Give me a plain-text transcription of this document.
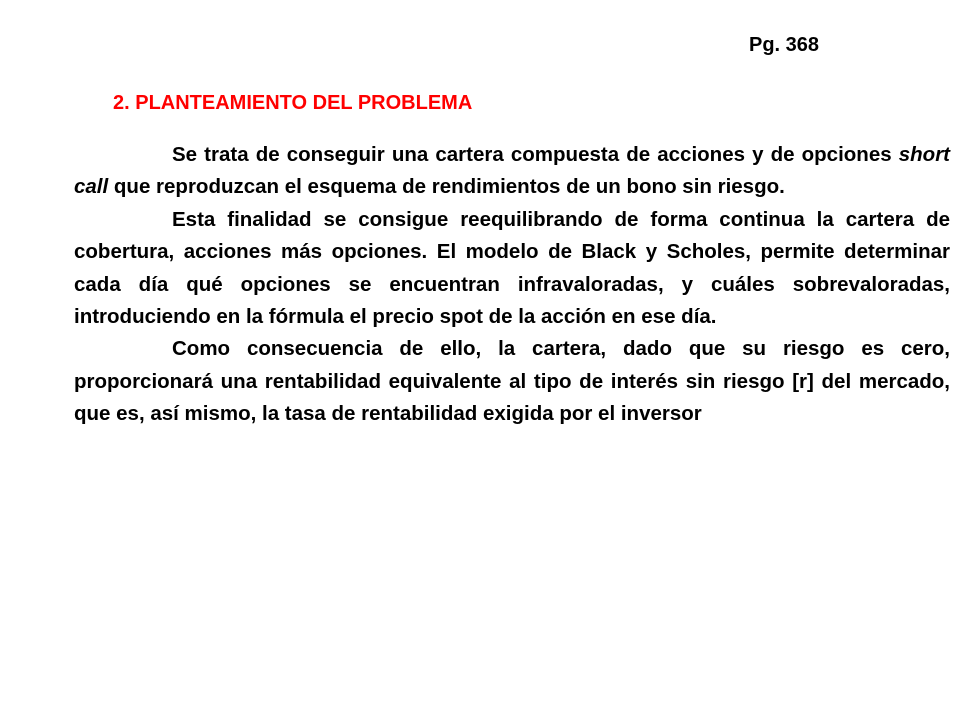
Pg. 368
2. PLANTEAMIENTO DEL PROBLEMA

Se trata de conseguir una cartera compuesta de acciones y de opciones short call que reproduzcan el esquema de rendimientos de un bono sin riesgo.

Esta finalidad se consigue reequilibrando de forma continua la cartera de cobertura, acciones más opciones. El modelo de Black y Scholes, permite determinar cada día qué opciones se encuentran infravaloradas, y cuáles sobrevaloradas, introduciendo en la fórmula el precio spot de la acción en ese día.

Como consecuencia de ello, la cartera, dado que su riesgo es cero, proporcionará una rentabilidad equivalente al tipo de interés sin riesgo [r] del mercado, que es, así mismo, la tasa de rentabilidad exigida por el inversor
